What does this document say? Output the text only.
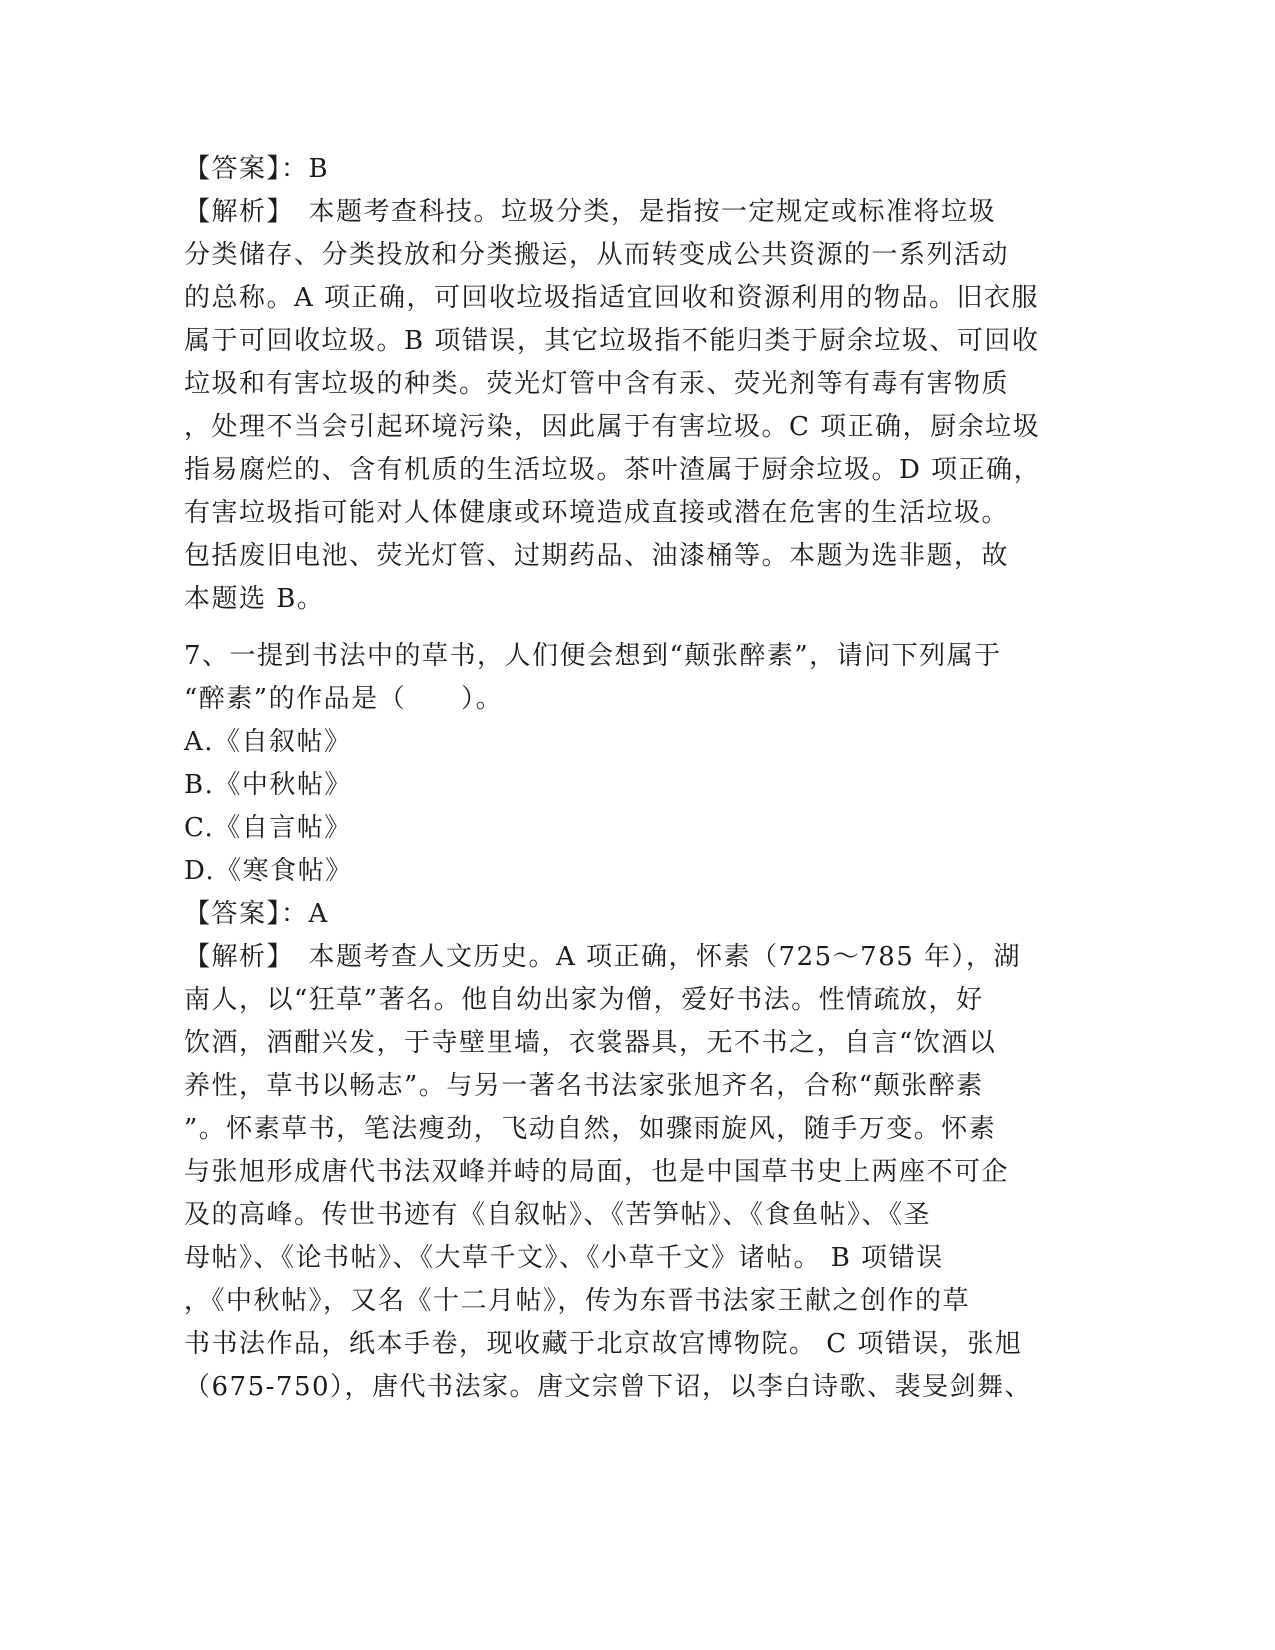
【答案】：B
【解析】　本题考查科技。垃圾分类，是指按一定规定或标准将垃圾
分类储存、分类投放和分类搬运，从而转变成公共资源的一系列活动
的总称。A 项正确，可回收垃圾指适宜回收和资源利用的物品。旧衣服
属于可回收垃圾。B 项错误，其它垃圾指不能归类于厨余垃圾、可回收
垃圾和有害垃圾的种类。荧光灯管中含有汞、荧光剂等有毒有害物质
，处理不当会引起环境污染，因此属于有害垃圾。C 项正确，厨余垃圾
指易腐烂的、含有机质的生活垃圾。茶叶渣属于厨余垃圾。D 项正确，
有害垃圾指可能对人体健康或环境造成直接或潜在危害的生活垃圾。
包括废旧电池、荧光灯管、过期药品、油漆桶等。本题为选非题，故
本题选 B。
7、一提到书法中的草书，人们便会想到“颠张醉素”，请问下列属于
“醉素”的作品是（　　）。
A.《自叙帖》
B.《中秋帖》
C.《自言帖》
D.《寒食帖》
【答案】：A
【解析】　本题考查人文历史。A 项正确，怀素（725～785 年），湖
南人，以“狂草”著名。他自幼出家为僧，爱好书法。性情疏放，好
饮酒，酒酣兴发，于寺壁里墙，衣裳器具，无不书之，自言“饮酒以
养性，草书以畅志”。与另一著名书法家张旭齐名，合称“颠张醉素
”。怀素草书，笔法瘦劲，飞动自然，如骤雨旋风，随手万变。怀素
与张旭形成唐代书法双峰并峙的局面，也是中国草书史上两座不可企
及的高峰。传世书迹有《自叙帖》、《苦笋帖》、《食鱼帖》、《圣
母帖》、《论书帖》、《大草千文》、《小草千文》诸帖。 B 项错误
，《中秋帖》，又名《十二月帖》，传为东晋书法家王献之创作的草
书书法作品，纸本手卷，现收藏于北京故宫博物院。 C 项错误，张旭
（675-750），唐代书法家。唐文宗曾下诏，以李白诗歌、裴旻剑舞、
